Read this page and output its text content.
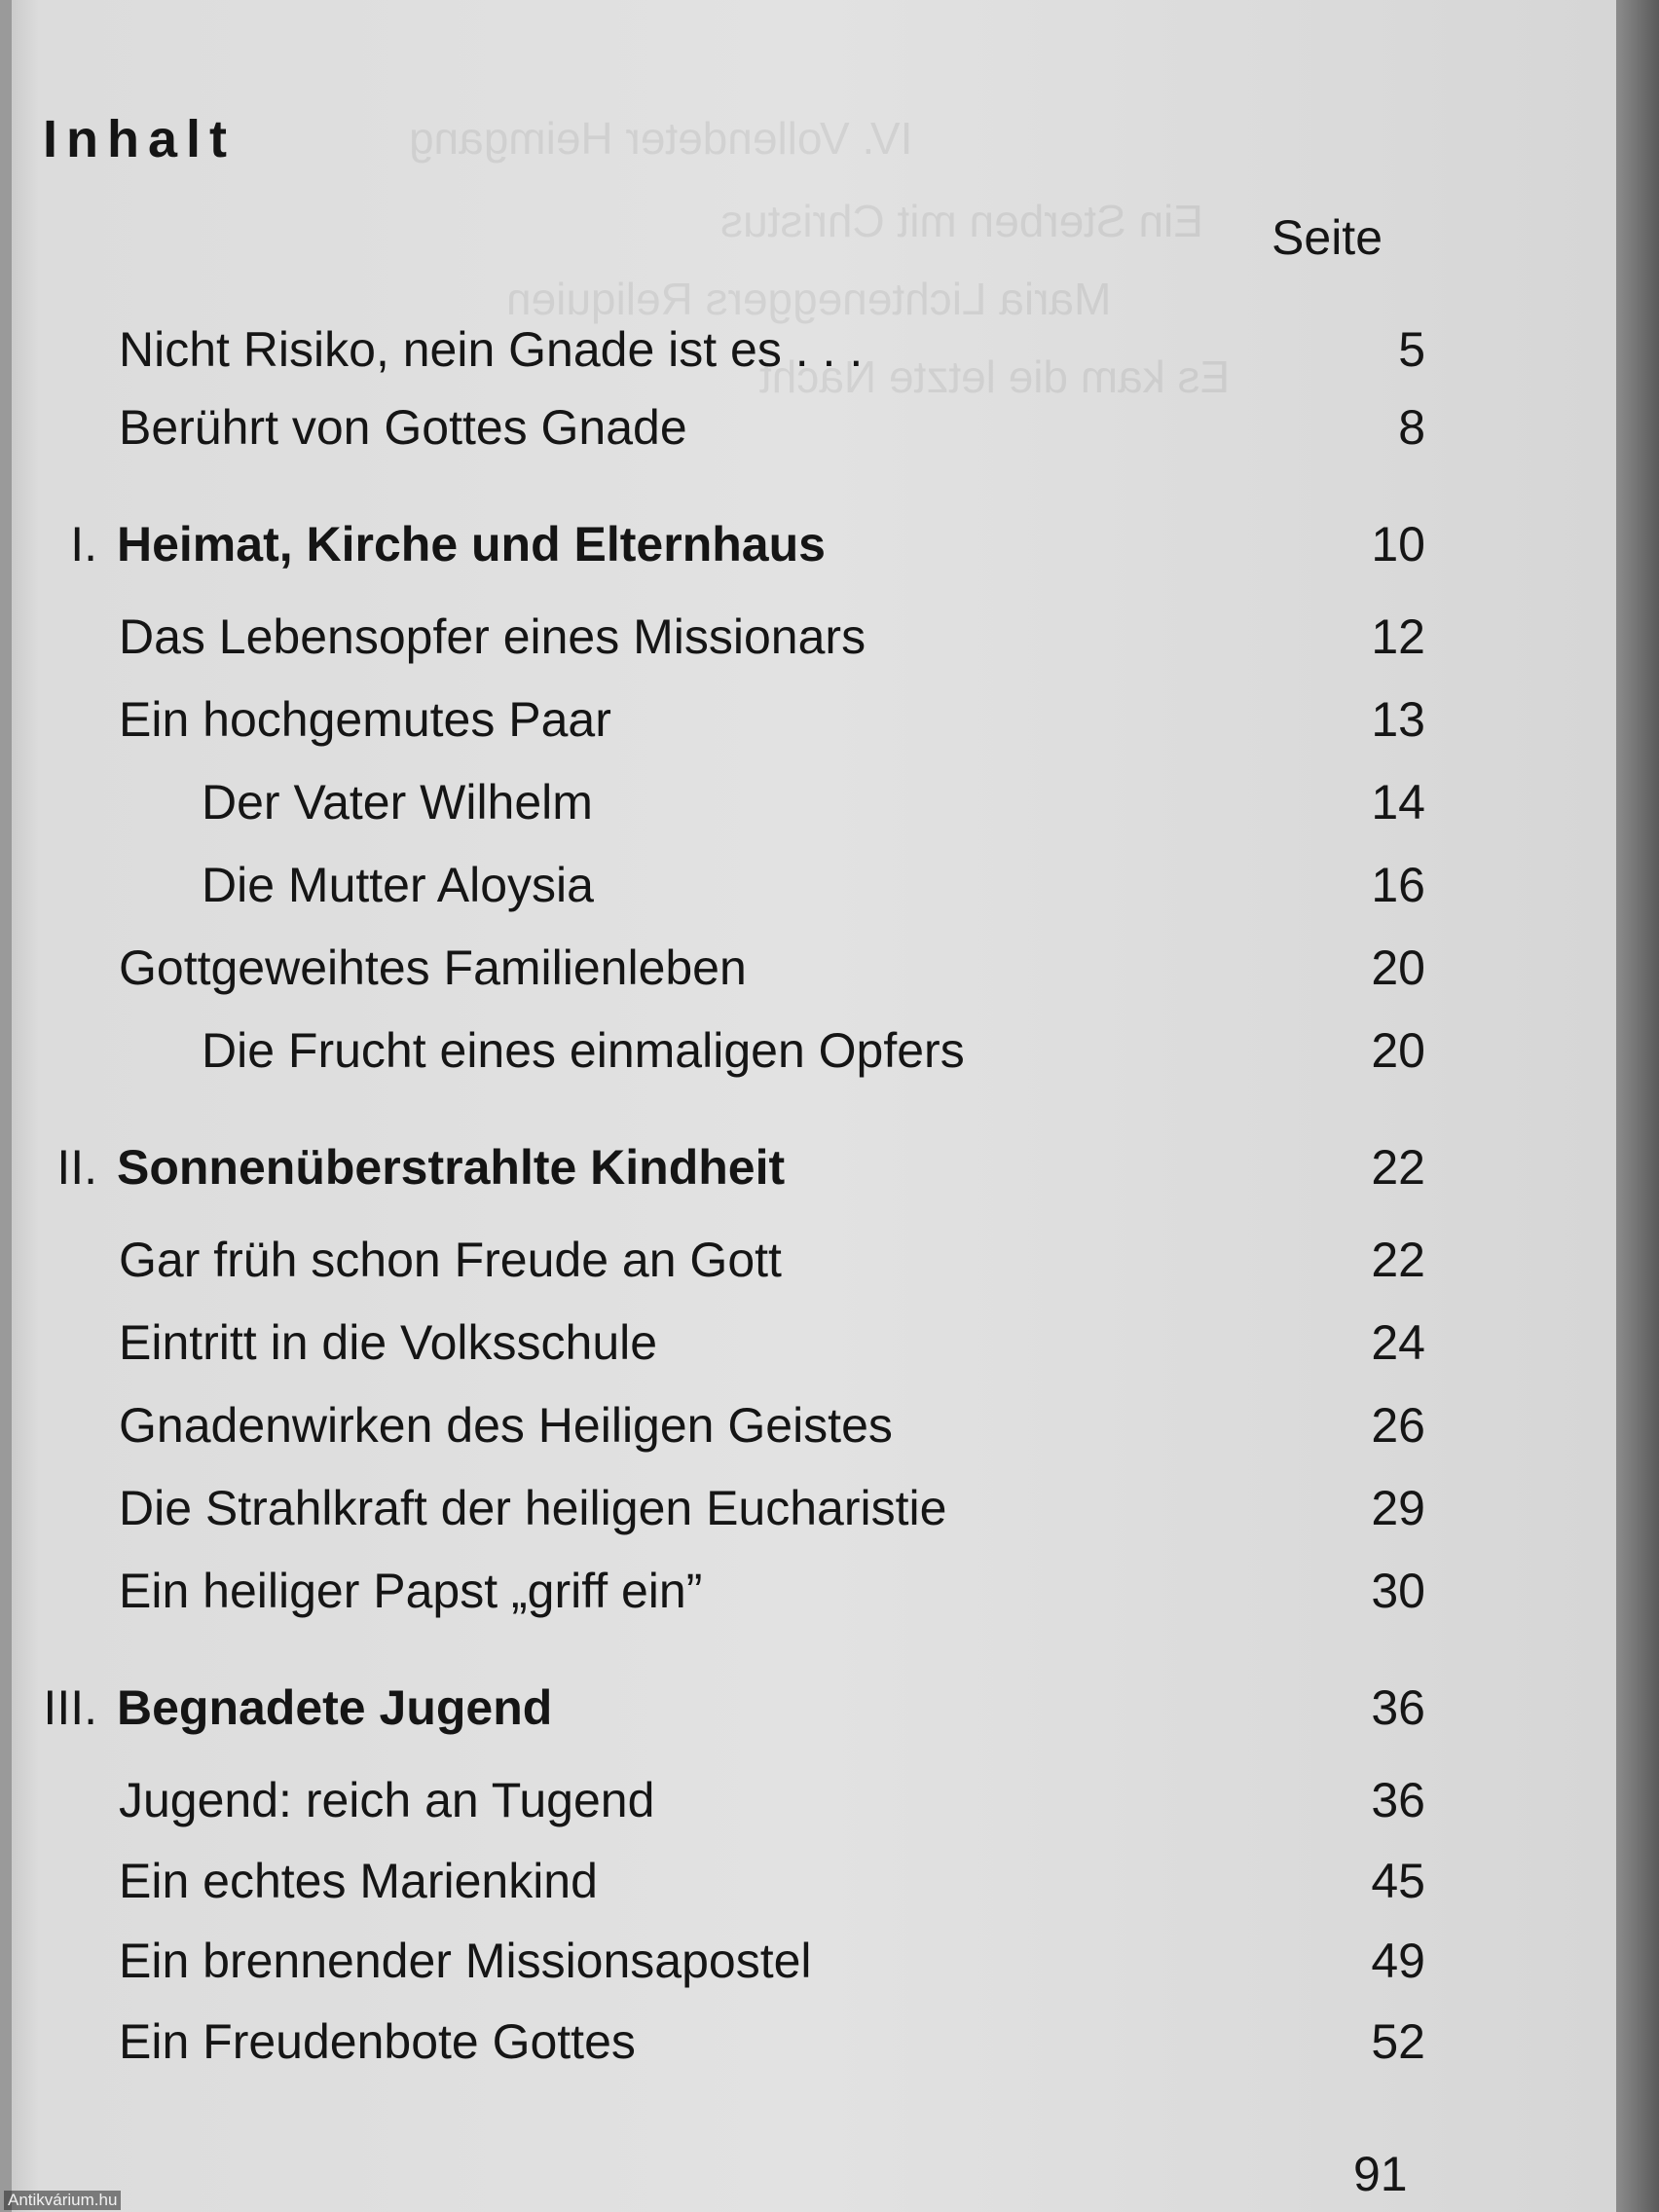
IV. Vollendeter Heimgang
Ein Sterben mit Christus
Maria Lichteneggers Reliquien
Es kam die letzte Nacht
Inhalt
Seite
Nicht Risiko, nein Gnade ist es . . .	5
Berührt von Gottes Gnade	8
I. Heimat, Kirche und Elternhaus	10
Das Lebensopfer eines Missionars	12
Ein hochgemutes Paar	13
Der Vater Wilhelm	14
Die Mutter Aloysia	16
Gottgeweihtes Familienleben	20
Die Frucht eines einmaligen Opfers	20
II. Sonnenüberstrahlte Kindheit	22
Gar früh schon Freude an Gott	22
Eintritt in die Volksschule	24
Gnadenwirken des Heiligen Geistes	26
Die Strahlkraft der heiligen Eucharistie	29
Ein heiliger Papst „griff ein”	30
III. Begnadete Jugend	36
Jugend: reich an Tugend	36
Ein echtes Marienkind	45
Ein brennender Missionsapostel	49
Ein Freudenbote Gottes	52
91
Antikvárium.hu
